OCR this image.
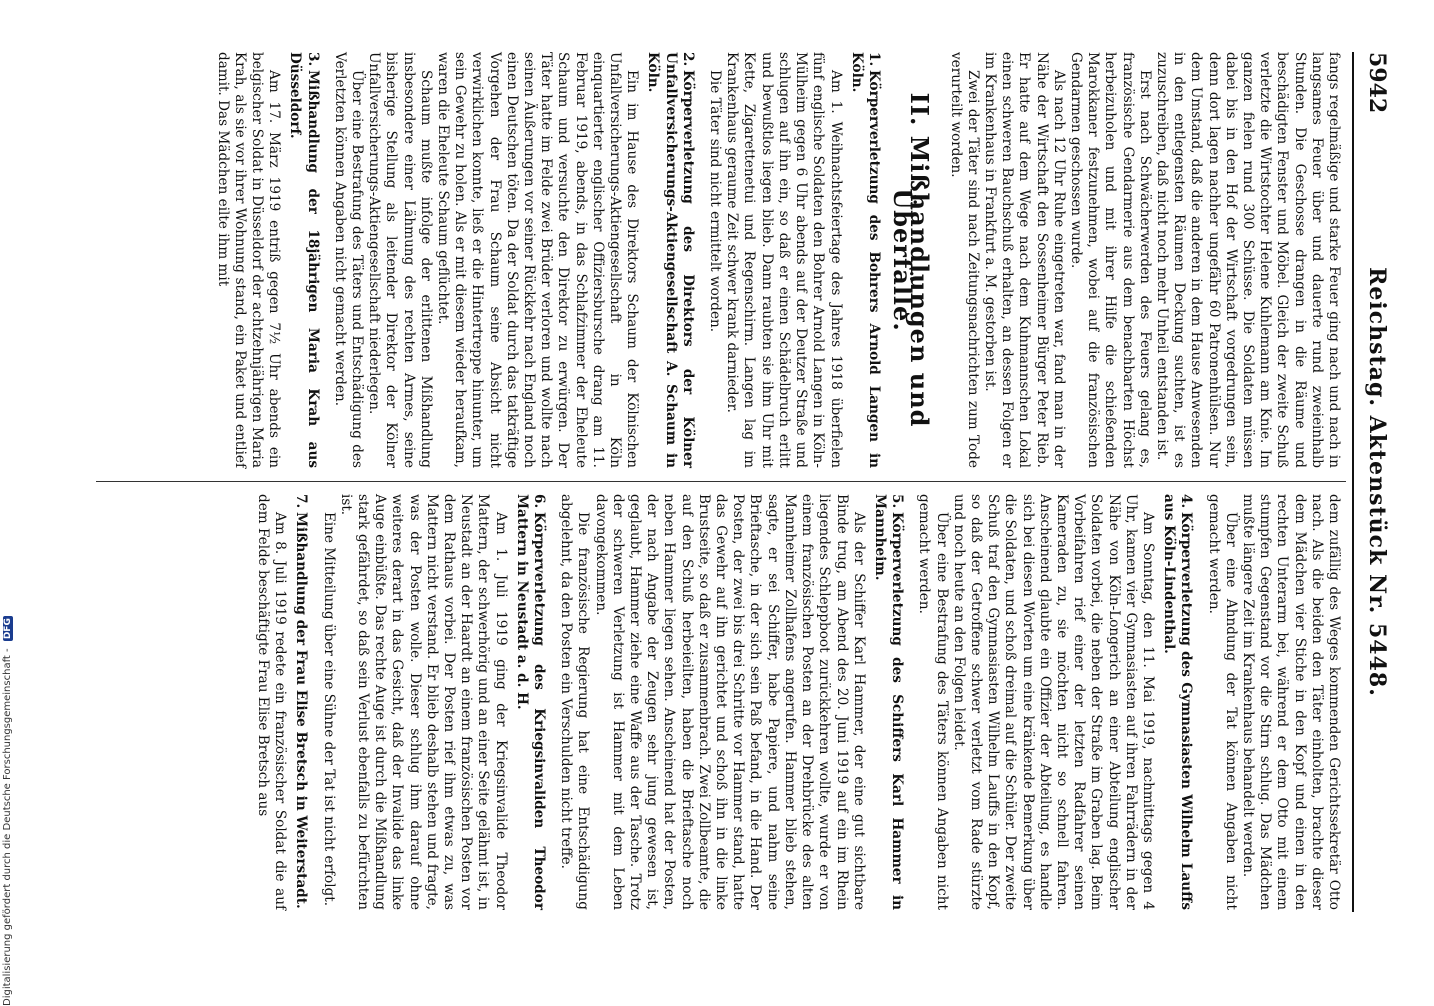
5942
Reichstag. Aktenstück Nr. 5448.

fangs regelmäßige und starke Feuer ging nach und nach in langsames Feuer über und dauerte rund zweieinhalb Stunden. Die Geschosse drangen in die Räume und beschädigten Fenster und Möbel. Gleich der zweite Schuß verletzte die Wirtstochter Helene Kuhlemann am Knie. Im ganzen fielen rund 300 Schüsse. Die Soldaten müssen dabei bis in den Hof der Wirtschaft vorgedrungen sein, denn dort lagen nachher ungefähr 60 Patronenhülsen. Nur dem Umstand, daß die anderen in dem Hause Anwesenden in den entlegensten Räumen Deckung suchten, ist es zuzuschreiben, daß nicht noch mehr Unheil entstanden ist.

Erst nach Schwächerwerden des Feuers gelang es, französische Gendarmerie aus dem benachbarten Höchst herbeizuholen und mit ihrer Hilfe die schießenden Marokkaner festzunehmen, wobei auf die französischen Gendarmen geschossen wurde.

Als nach 12 Uhr Ruhe eingetreten war, fand man in der Nähe der Wirtschaft den Sossenheimer Bürger Peter Rieb. Er hatte auf dem Wege nach dem Kuhmannschen Lokal einen schweren Bauchschuß erhalten, an dessen Folgen er im Krankenhaus in Frankfurt a. M. gestorben ist.

Zwei der Täter sind nach Zeitungsnachrichten zum Tode verurteilt worden.

II. Mißhandlungen und Überfälle.
1.Körperverletzung des Bohrers Arnold Langen in Köln.

Am 1. Weihnachtsfeiertage des Jahres 1918 überfielen fünf englische Soldaten den Bohrer Arnold Langen in Köln-Mülheim gegen 6 Uhr abends auf der Deutzer Straße und schlugen auf ihn ein, so daß er einen Schädelbruch erlitt und bewußtlos liegen blieb. Dann raubten sie ihm Uhr mit Kette, Zigarettenetui und Regenschirm. Langen lag im Krankenhaus geraume Zeit schwer krank darnieder.

Die Täter sind nicht ermittelt worden.

2.Körperverletzung des Direktors der Kölner Unfallversicherungs-Aktiengesellschaft A. Schaum in Köln.

Ein im Hause des Direktors Schaum der Kölnischen Unfallversicherungs-Aktiengesellschaft in Köln einquartierter englischer Offiziersbursche drang am 11. Februar 1919, abends, in das Schlafzimmer der Eheleute Schaum und versuchte den Direktor zu erwürgen. Der Täter hatte im Felde zwei Brüder verloren und wollte nach seinen Äußerungen vor seiner Rückkehr nach England noch einen Deutschen töten. Da der Soldat durch das tatkräftige Vorgehen der Frau Schaum seine Absicht nicht verwirklichen konnte, ließ er die Hintertreppe hinunter, um sein Gewehr zu holen. Als er mit diesem wieder heraufkam, waren die Eheleute Schaum geflüchtet.

Schaum mußte infolge der erlittenen Mißhandlung insbesondere einer Lähmung des rechten Armes, seine bisherige Stellung als leitender Direktor der Kölner Unfallversicherungs-Aktiengesellschaft niederlegen.

Über eine Bestrafung des Täters und Entschädigung des Verletzten können Angaben nicht gemacht werden.

3.Mißhandlung der 18jährigen Maria Krah aus Düsseldorf.

Am 17. März 1919 entriß gegen 7½ Uhr abends ein belgischer Soldat in Düsseldorf der achtzehnjährigen Maria Krah, als sie vor ihrer Wohnung stand, ein Paket und entlief damit. Das Mädchen eilte ihm mit

dem zufällig des Weges kommenden Gerichtssekretär Otto nach. Als die beiden den Täter einholten, brachte dieser dem Mädchen vier Stiche in den Kopf und einen in den rechten Unterarm bei, während er dem Otto mit einem stumpfen Gegenstand vor die Stirn schlug. Das Mädchen mußte längere Zeit im Krankenhaus behandelt werden.

Über eine Ahndung der Tat können Angaben nicht gemacht werden.

4.Körperverletzung des Gymnasiasten Wilhelm Lauffs aus Köln-Lindenthal.

Am Sonntag, den 11. Mai 1919, nachmittags gegen 4 Uhr, kamen vier Gymnasiasten auf ihren Fahrrädern in der Nähe von Köln-Longerich an einer Abteilung englischer Soldaten vorbei, die neben der Straße im Graben lag. Beim Vorbeifahren rief einer der letzten Radfahrer seinen Kameraden zu, sie möchten nicht so schnell fahren. Anscheinend glaubte ein Offizier der Abteilung, es handle sich bei diesen Worten um eine kränkende Bemerkung über die Soldaten, und schoß dreimal auf die Schüler. Der zweite Schuß traf den Gymnasiasten Wilhelm Lauffs in den Kopf, so daß der Getroffene schwer verletzt vom Rade stürzte und noch heute an den Folgen leidet.

Über eine Bestrafung des Täters können Angaben nicht gemacht werden.

5.Körperverletzung des Schiffers Karl Hammer in Mannheim.

Als der Schiffer Karl Hammer, der eine gut sichtbare Binde trug, am Abend des 20. Juni 1919 auf ein im Rhein liegendes Schleppboot zurückkehren wollte, wurde er von einem französischen Posten an der Drehbrücke des alten Mannheimer Zollhafens angerufen. Hammer blieb stehen, sagte, er sei Schiffer, habe Papiere, und nahm seine Brieftasche, in der sich sein Paß befand, in die Hand. Der Posten, der zwei bis drei Schritte vor Hammer stand, hatte das Gewehr auf ihn gerichtet und schoß ihn in die linke Brustseite, so daß er zusammenbrach. Zwei Zollbeamte, die auf den Schuß herbeieilten, haben die Brieftasche noch neben Hammer liegen sehen. Anscheinend hat der Posten, der nach Angabe der Zeugen sehr jung gewesen ist, geglaubt, Hammer ziehe eine Waffe aus der Tasche. Trotz der schweren Verletzung ist Hammer mit dem Leben davongekommen.

Die französische Regierung hat eine Entschädigung abgelehnt, da den Posten ein Verschulden nicht treffe.

6.Körperverletzung des Kriegsinvaliden Theodor Mattern in Neustadt a. d. H.

Am 1. Juli 1919 ging der Kriegsinvalide Theodor Mattern, der schwerhörig und an einer Seite gelähmt ist, in Neustadt an der Haardt an einem französischen Posten vor dem Rathaus vorbei. Der Posten rief ihm etwas zu, was Mattern nicht verstand. Er blieb deshalb stehen und fragte, was der Posten wolle. Dieser schlug ihm darauf ohne weiteres derart in das Gesicht, daß der Invalide das linke Auge einbüßte. Das rechte Auge ist durch die Mißhandlung stark gefährdet, so daß sein Verlust ebenfalls zu befürchten ist.

Eine Mitteilung über eine Sühne der Tat ist nicht erfolgt.

7.Mißhandlung der Frau Elise Bretsch in Weiterstadt.

Am 8. Juli 1919 redete ein französischer Soldat die auf dem Felde beschäftigte Frau Elise Bretsch aus

Digitalisierung gefördert durch die Deutsche Forschungsgemeinschaft - DFG
